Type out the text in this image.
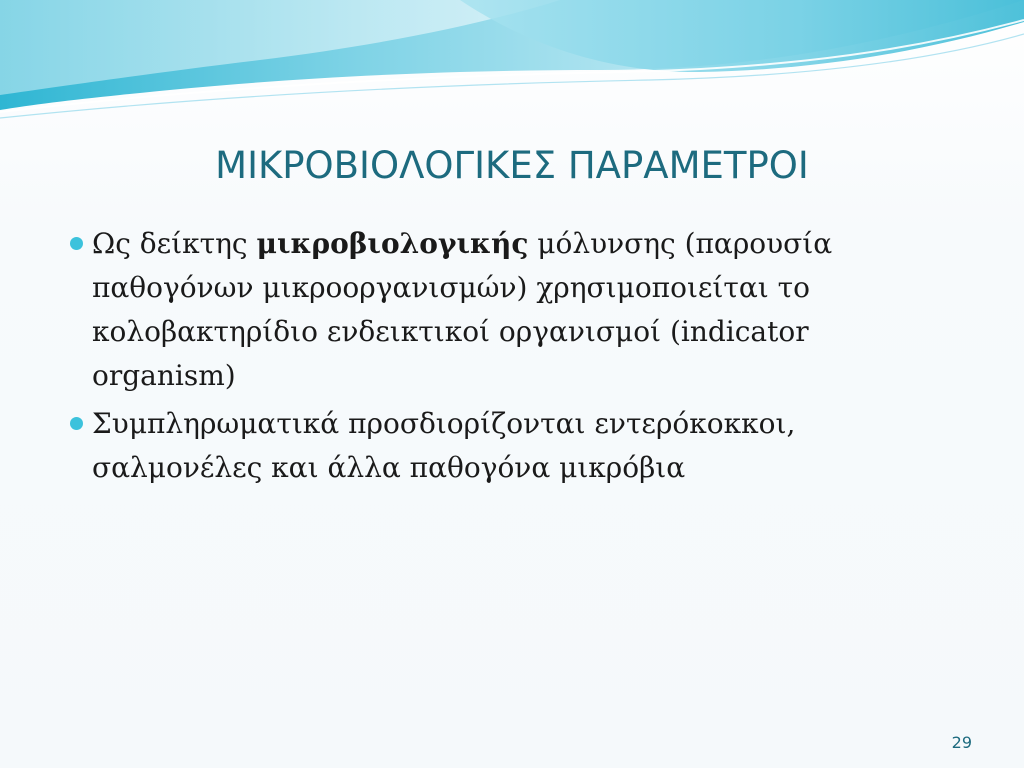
ΜΙΚΡΟΒΙΟΛΟΓΙΚΕΣ ΠΑΡΑΜΕΤΡΟΙ
Ως δείκτης μικροβιολογικής μόλυνσης (παρουσία παθογόνων μικροοργανισμών) χρησιμοποιείται το κολοβακτηρίδιο ενδεικτικοί οργανισμοί (indicator organism)
Συμπληρωματικά προσδιορίζονται εντερόκοκκοι, σαλμονέλες και άλλα παθογόνα μικρόβια
29
